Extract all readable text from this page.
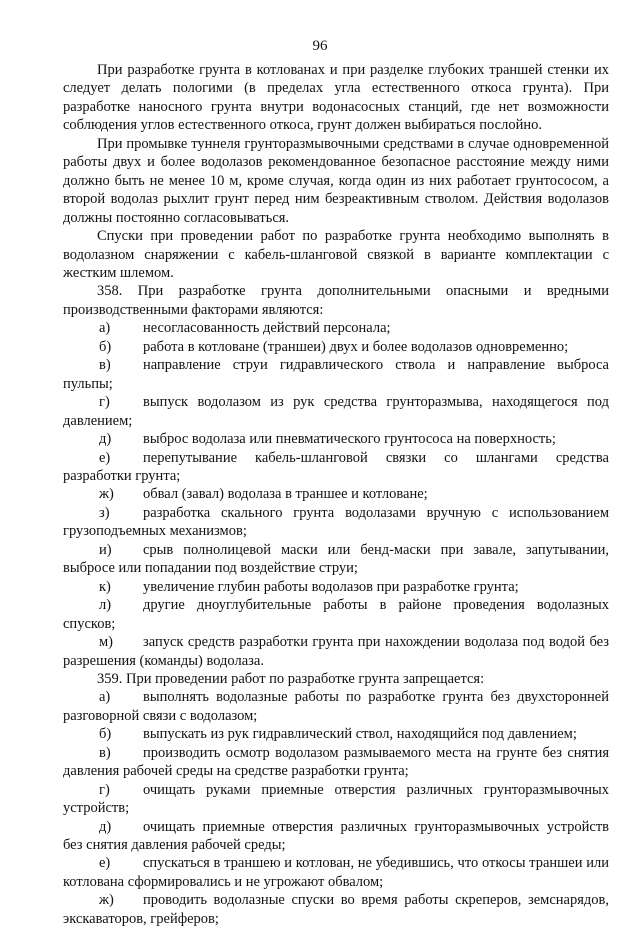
96

При разработке грунта в котлованах и при разделке глубоких траншей стенки их следует делать пологими (в пределах угла естественного откоса грунта). При разработке наносного грунта внутри водонасосных станций, где нет возможности соблюдения углов естественного откоса, грунт должен выбираться послойно.

При промывке туннеля грунторазмывочными средствами в случае одновременной работы двух и более водолазов рекомендованное безопасное расстояние между ними должно быть не менее 10 м, кроме случая, когда один из них работает грунтососом, а второй водолаз рыхлит грунт перед ним безреактивным стволом. Действия водолазов должны постоянно согласовываться.

Спуски при проведении работ по разработке грунта необходимо выполнять в водолазном снаряжении с кабель-шланговой связкой в варианте комплектации с жестким шлемом.

358. При разработке грунта дополнительными опасными и вредными производственными факторами являются:

а) несогласованность действий персонала;

б) работа в котловане (траншеи) двух и более водолазов одновременно;

в) направление струи гидравлического ствола и направление выброса пульпы;

г) выпуск водолазом из рук средства грунторазмыва, находящегося под давлением;

д) выброс водолаза или пневматического грунтососа на поверхность;

е) перепутывание кабель-шланговой связки со шлангами средства разработки грунта;

ж) обвал (завал) водолаза в траншее и котловане;

з) разработка скального грунта водолазами вручную с использованием грузоподъемных механизмов;

и) срыв полнолицевой маски или бенд-маски при завале, запутывании, выбросе или попадании под воздействие струи;

к) увеличение глубин работы водолазов при разработке грунта;

л) другие дноуглубительные работы в районе проведения водолазных спусков;

м) запуск средств разработки грунта при нахождении водолаза под водой без разрешения (команды) водолаза.

359. При проведении работ по разработке грунта запрещается:

а) выполнять водолазные работы по разработке грунта без двухсторонней разговорной связи с водолазом;

б) выпускать из рук гидравлический ствол, находящийся под давлением;

в) производить осмотр водолазом размываемого места на грунте без снятия давления рабочей среды на средстве разработки грунта;

г) очищать руками приемные отверстия различных грунторазмывочных устройств;

д) очищать приемные отверстия различных грунторазмывочных устройств без снятия давления рабочей среды;

е) спускаться в траншею и котлован, не убедившись, что откосы траншеи или котлована сформировались и не угрожают обвалом;

ж) проводить водолазные спуски во время работы скреперов, земснарядов, экскаваторов, грейферов;
